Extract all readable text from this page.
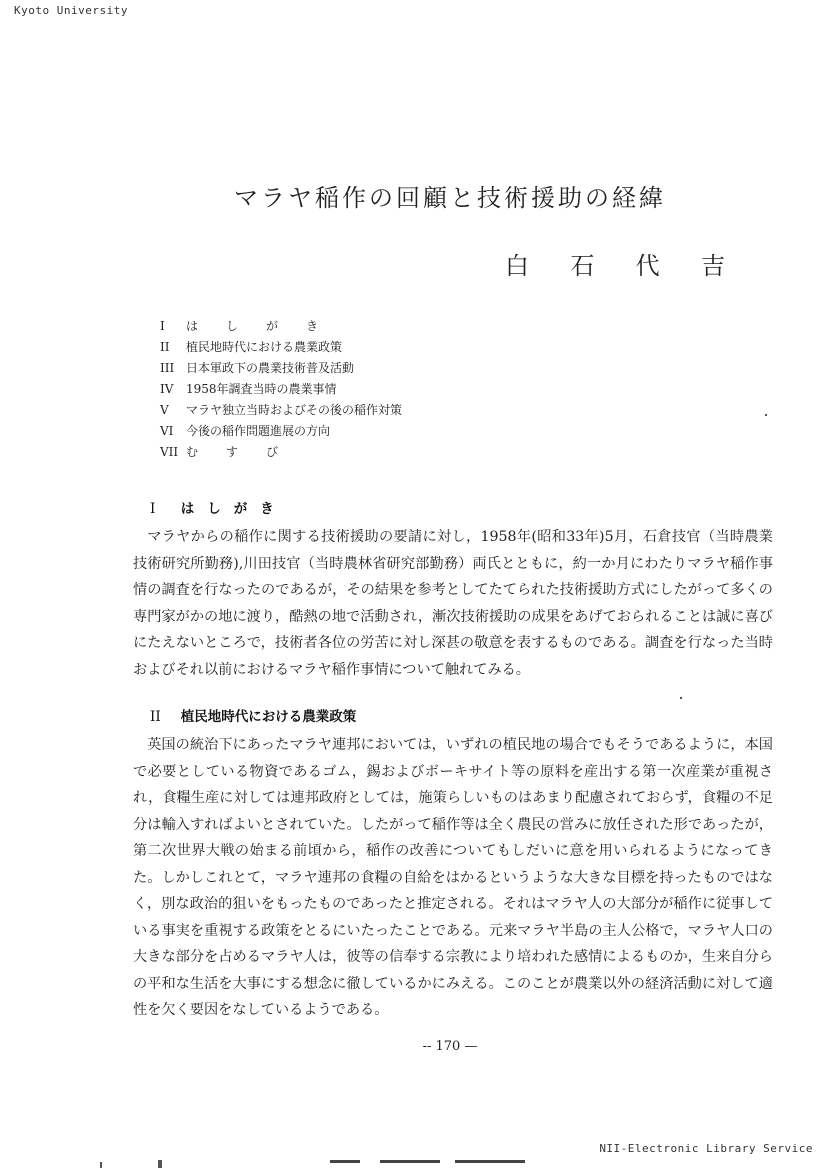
Kyoto University
マラヤ稲作の回顧と技術援助の経緯
白 石 代 吉
I	はしがき
II	植民地時代における農業政策
III 日本軍政下の農業技術普及活動
IV	1958年調査当時の農業事情
V	マラヤ独立当時およびその後の稲作対策
VI	今後の稲作問題進展の方向
VII むすび
I はしがき

マラヤからの稲作に関する技術援助の要請に対し，1958年(昭和33年)5月，石倉技官（当時農業技術研究所勤務),川田技官（当時農林省研究部勤務）両氏とともに，約一か月にわたりマラヤ稲作事情の調査を行なったのであるが，その結果を参考としてたてられた技術援助方式にしたがって多くの専門家がかの地に渡り，酷熱の地で活動され，漸次技術援助の成果をあげておられることは誠に喜びにたえないところで，技術者各位の労苦に対し深甚の敬意を表するものである。調査を行なった当時およびそれ以前におけるマラヤ稲作事情について触れてみる。

II 植民地時代における農業政策

英国の統治下にあったマラヤ連邦においては，いずれの植民地の場合でもそうであるように，本国で必要としている物資であるゴム，錫およびボーキサイト等の原料を産出する第一次産業が重視され，食糧生産に対しては連邦政府としては，施策らしいものはあまり配慮されておらず，食糧の不足分は輸入すればよいとされていた。したがって稲作等は全く農民の営みに放任された形であったが，第二次世界大戦の始まる前頃から，稲作の改善についてもしだいに意を用いられるようになってきた。しかしこれとて，マラヤ連邦の食糧の自給をはかるというような大きな目標を持ったものではなく，別な政治的狙いをもったものであったと推定される。それはマラヤ人の大部分が稲作に従事している事実を重視する政策をとるにいたったことである。元来マラヤ半島の主人公格で，マラヤ人口の大きな部分を占めるマラヤ人は，彼等の信奉する宗教により培われた感情によるものか，生来自分らの平和な生活を大事にする想念に徹しているかにみえる。このことが農業以外の経済活動に対して適性を欠く要因をなしているようである。

-- 170 —
NII-Electronic Library Service
